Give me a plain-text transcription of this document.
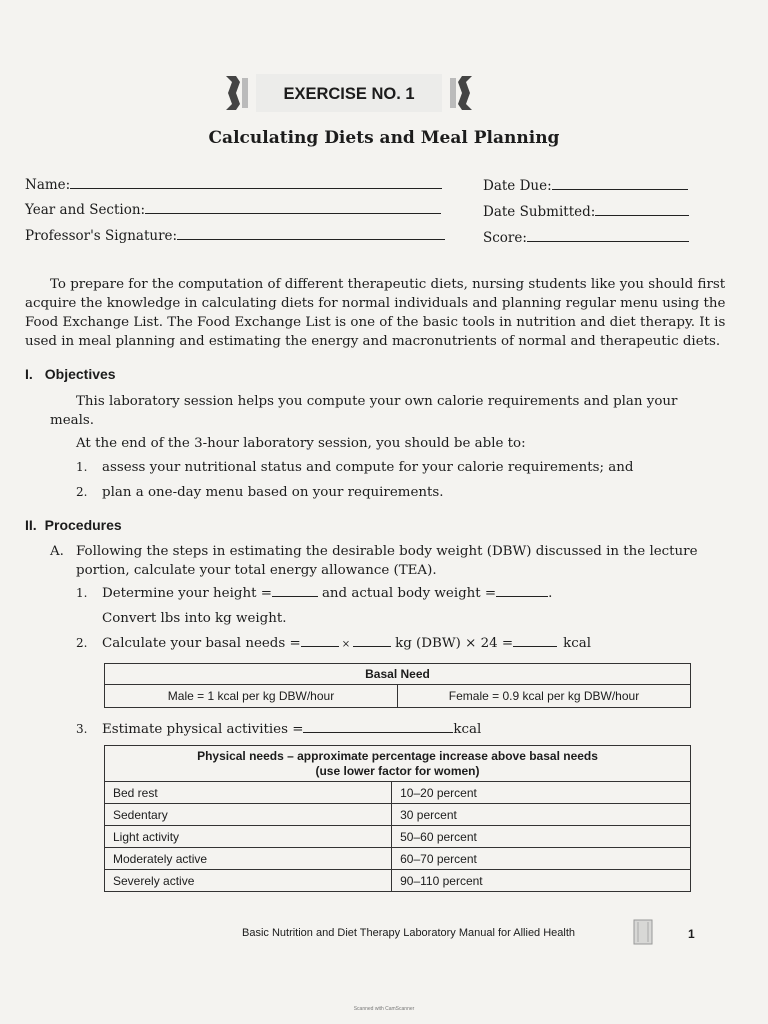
EXERCISE NO. 1
Calculating Diets and Meal Planning
Name:
Year and Section:
Professor's Signature:
Date Due:
Date Submitted:
Score:
To prepare for the computation of different therapeutic diets, nursing students like you should first
acquire the knowledge in calculating diets for normal individuals and planning regular menu using the
Food Exchange List. The Food Exchange List is one of the basic tools in nutrition and diet therapy. It is
used in meal planning and estimating the energy and macronutrients of normal and therapeutic diets.
I. Objectives
This laboratory session helps you compute your own calorie requirements and plan your
meals.
At the end of the 3-hour laboratory session, you should be able to:
1. assess your nutritional status and compute for your calorie requirements; and
2. plan a one-day menu based on your requirements.
II. Procedures
A. Following the steps in estimating the desirable body weight (DBW) discussed in the lecture
portion, calculate your total energy allowance (TEA).
1. Determine your height =	and actual body weight =	.
Convert lbs into kg weight.
2. Calculate your basal needs =	×	kg (DBW) × 24 =	kcal
Basal Need
Male = 1 kcal per kg DBW/hour	Female = 0.9 kcal per kg DBW/hour
3. Estimate physical activities =	kcal
Physical needs – approximate percentage increase above basal needs
(use lower factor for women)	

Bed rest	10–20 percent
Sedentary	30 percent
Light activity	50–60 percent
Moderately active	60–70 percent
Severely active	90–110 percent
Basic Nutrition and Diet Therapy Laboratory Manual for Allied Health	1
Scanned with CamScanner
